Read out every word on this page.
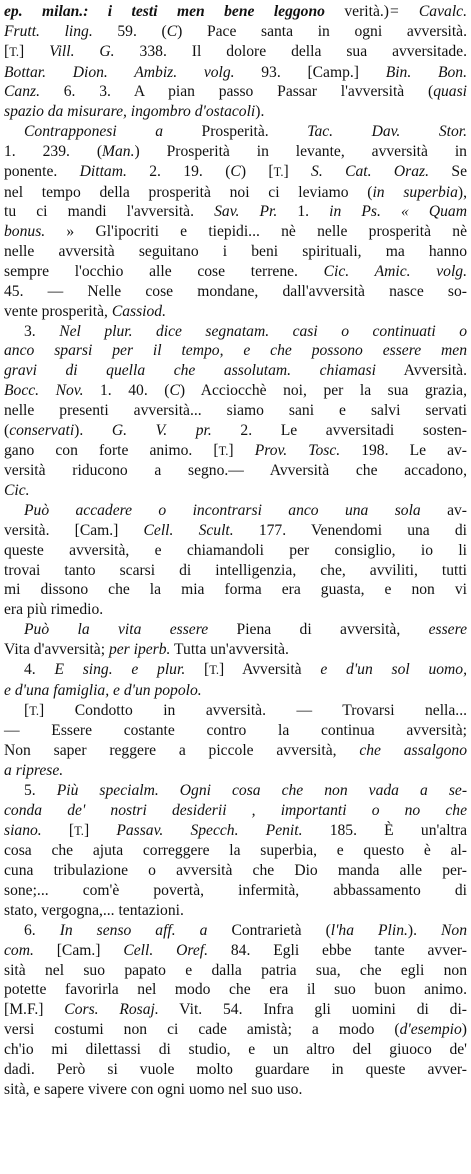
ep. milan.: i testi men bene leggono verità.)= Cavalc.
Frutt. ling. 59. (C) Pace santa in ogni avversità.
[T.] Vill. G. 338. Il dolore della sua avversitade.
Bottar. Dion. Ambiz. volg. 93. [Camp.] Bin. Bon.
Canz. 6. 3. A pian passo Passar l'avversità (quasi
spazio da misurare, ingombro d'ostacoli).
Contrapponesi a Prosperità. Tac. Dav. Stor.
1. 239. (Man.) Prosperità in levante, avversità in
ponente. Dittam. 2. 19. (C) [T.] S. Cat. Oraz. Se
nel tempo della prosperità noi ci leviamo (in superbia),
tu ci mandi l'avversità. Sav. Pr. 1. in Ps. « Quam
bonus. » Gl'ipocriti e tiepidi... nè nelle prosperità nè
nelle avversità seguitano i beni spirituali, ma hanno
sempre l'occhio alle cose terrene. Cic. Amic. volg.
45. — Nelle cose mondane, dall'avversità nasce so-
vente prosperità, Cassiod.
3. Nel plur. dice segnatam. casi o continuati o
anco sparsi per il tempo, e che possono essere men
gravi di quella che assolutam. chiamasi Avversità.
Bocc. Nov. 1. 40. (C) Acciocchè noi, per la sua grazia,
nelle presenti avversità... siamo sani e salvi servati
(conservati). G. V. pr. 2. Le avversitadi sosten-
gano con forte animo. [T.] Prov. Tosc. 198. Le av-
versità riducono a segno.— Avversità che accadono,
Cic.
Può accadere o incontrarsi anco una sola av-
versità. [Cam.] Cell. Scult. 177. Venendomi una di
queste avversità, e chiamandoli per consiglio, io li
trovai tanto scarsi di intelligenzia, che, avviliti, tutti
mi dissono che la mia forma era guasta, e non vi
era più rimedio.
Può la vita essere Piena di avversità, essere
Vita d'avversità; per iperb. Tutta un'avversità.
4. E sing. e plur. [T.] Avversità e d'un sol uomo,
e d'una famiglia, e d'un popolo.
[T.] Condotto in avversità. — Trovarsi nella...
— Essere costante contro la continua avversità;
Non saper reggere a piccole avversità, che assalgono
a riprese.
5. Più specialm. Ogni cosa che non vada a se-
conda de' nostri desiderii , importanti o no che
siano. [T.] Passav. Specch. Penit. 185. È un'altra
cosa che ajuta correggere la superbia, e questo è al-
cuna tribulazione o avversità che Dio manda alle per-
sone;... com'è povertà, infermità, abbassamento di
stato, vergogna,... tentazioni.
6. In senso aff. a Contrarietà (l'ha Plin.). Non
com. [Cam.] Cell. Oref. 84. Egli ebbe tante avver-
sità nel suo papato e dalla patria sua, che egli non
potette favorirla nel modo che era il suo buon animo.
[M.F.] Cors. Rosaj. Vit. 54. Infra gli uomini di di-
versi costumi non ci cade amistà; a modo (d'esempio)
ch'io mi dilettassi di studio, e un altro del giuoco de'
dadi. Però si vuole molto guardare in queste avver-
sità, e sapere vivere con ogni uomo nel suo uso.
